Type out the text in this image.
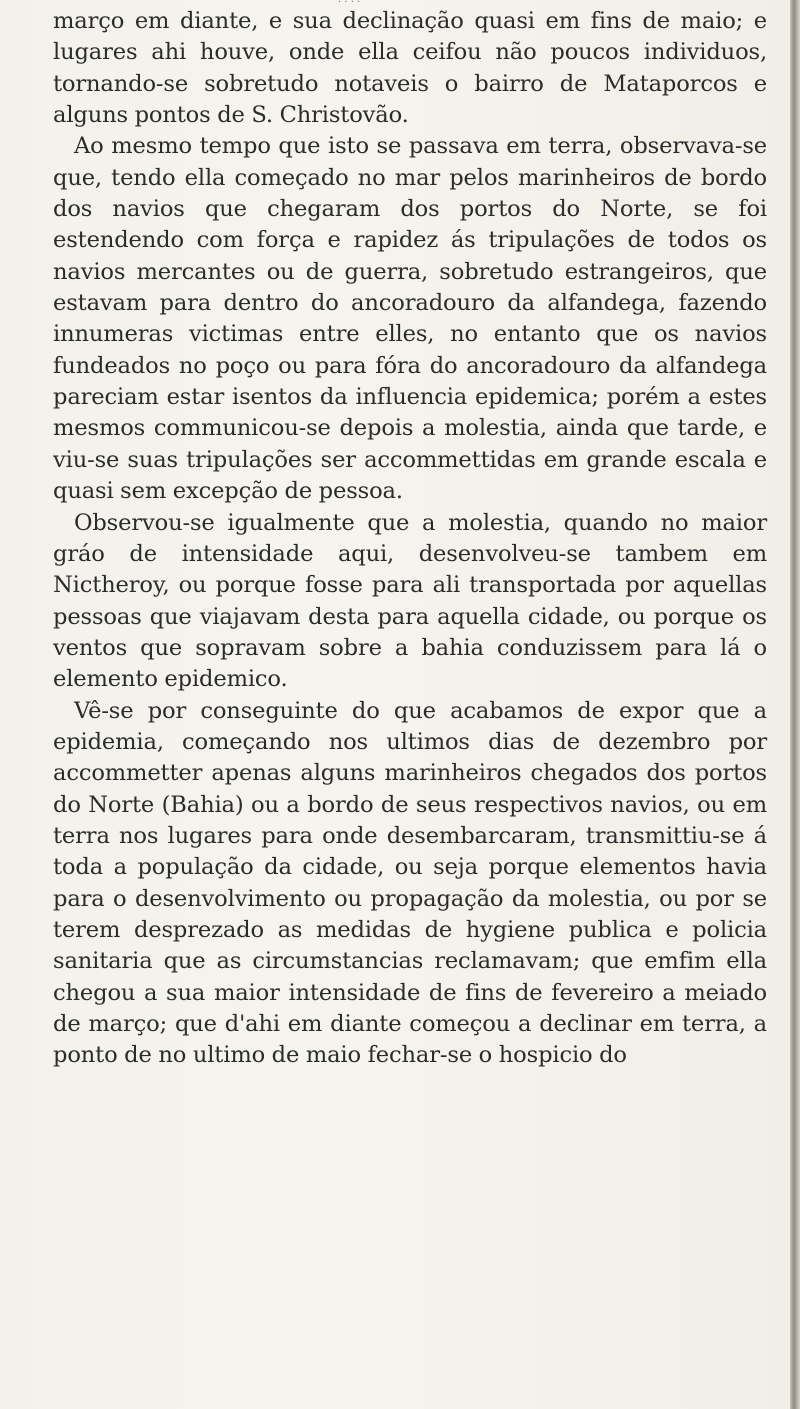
· · · ·

março em diante, e sua declinação quasi em fins de maio; e lugares ahi houve, onde ella ceifou não poucos individuos, tornando-se sobretudo notaveis o bairro de Mataporcos e alguns pontos de S. Christovão.

Ao mesmo tempo que isto se passava em terra, observava-se que, tendo ella começado no mar pelos marinheiros de bordo dos navios que chegaram dos portos do Norte, se foi estendendo com força e rapidez ás tripulações de todos os navios mercantes ou de guerra, sobretudo estrangeiros, que estavam para dentro do ancoradouro da alfandega, fazendo innumeras victimas entre elles, no entanto que os navios fundeados no poço ou para fóra do ancoradouro da alfandega pareciam estar isentos da influencia epidemica; porém a estes mesmos communicou-se depois a molestia, ainda que tarde, e viu-se suas tripulações ser accommettidas em grande escala e quasi sem excepção de pessoa.

Observou-se igualmente que a molestia, quando no maior gráo de intensidade aqui, desenvolveu-se tambem em Nictheroy, ou porque fosse para ali transportada por aquellas pessoas que viajavam desta para aquella cidade, ou porque os ventos que sopravam sobre a bahia conduzissem para lá o elemento epidemico.

Vê-se por conseguinte do que acabamos de expor que a epidemia, começando nos ultimos dias de dezembro por accommetter apenas alguns marinheiros chegados dos portos do Norte (Bahia) ou a bordo de seus respectivos navios, ou em terra nos lugares para onde desembarcaram, transmittiu-se á toda a população da cidade, ou seja porque elementos havia para o desenvolvimento ou propagação da molestia, ou por se terem desprezado as medidas de hygiene publica e policia sanitaria que as circumstancias reclamavam; que emfim ella chegou a sua maior intensidade de fins de fevereiro a meiado de março; que d'ahi em diante começou a declinar em terra, a ponto de no ultimo de maio fechar-se o hospicio do
